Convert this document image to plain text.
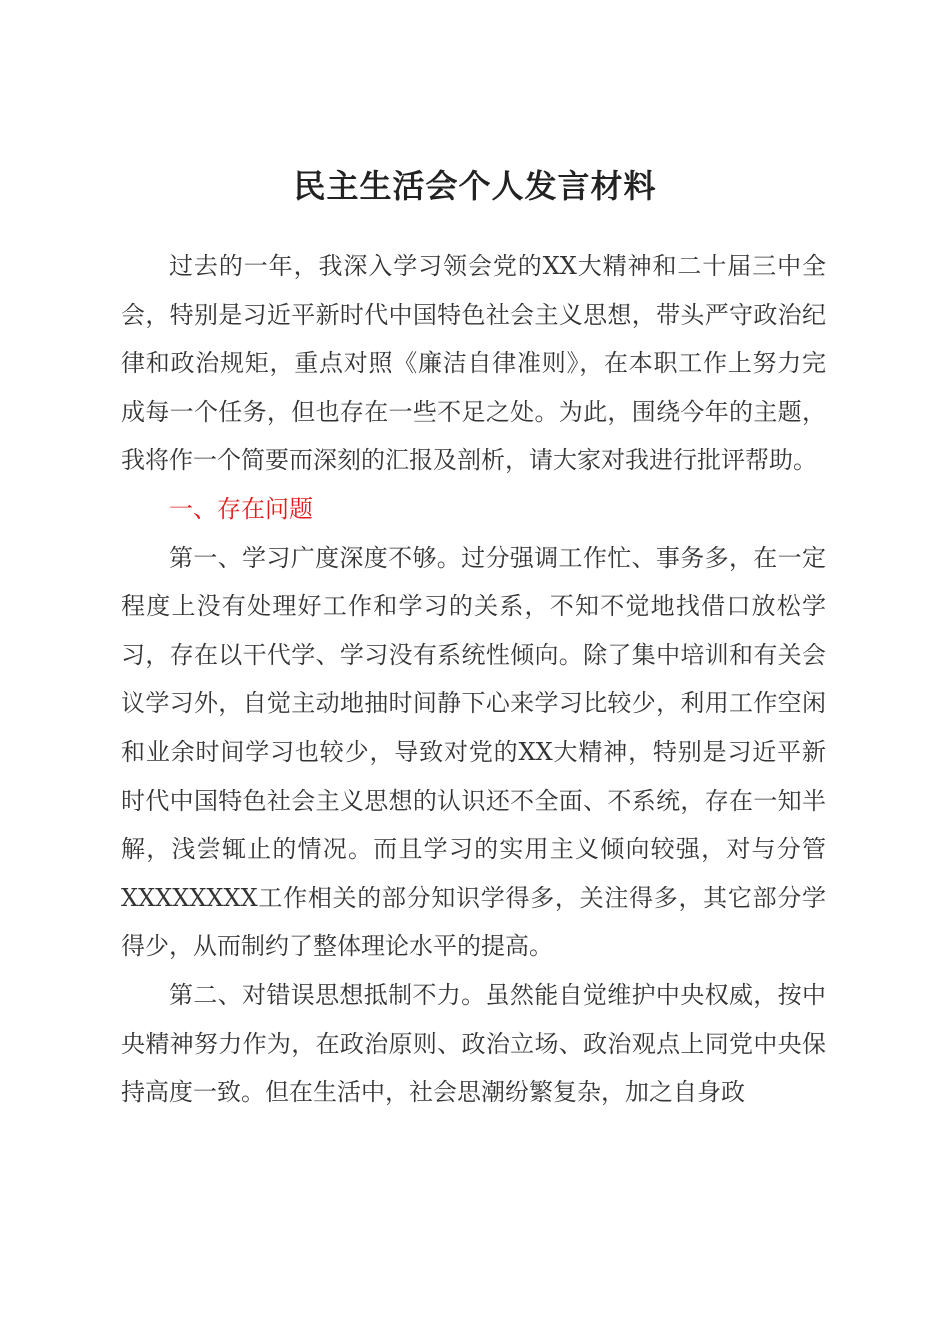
民主生活会个人发言材料

过去的一年，我深入学习领会党的XX大精神和二十届三中全会，特别是习近平新时代中国特色社会主义思想，带头严守政治纪律和政治规矩，重点对照《廉洁自律准则》，在本职工作上努力完成每一个任务，但也存在一些不足之处。为此，围绕今年的主题，我将作一个简要而深刻的汇报及剖析，请大家对我进行批评帮助。

一、存在问题

第一、学习广度深度不够。过分强调工作忙、事务多，在一定程度上没有处理好工作和学习的关系，不知不觉地找借口放松学习，存在以干代学、学习没有系统性倾向。除了集中培训和有关会议学习外，自觉主动地抽时间静下心来学习比较少，利用工作空闲和业余时间学习也较少，导致对党的XX大精神，特别是习近平新时代中国特色社会主义思想的认识还不全面、不系统，存在一知半解，浅尝辄止的情况。而且学习的实用主义倾向较强，对与分管XXXXXXXX工作相关的部分知识学得多，关注得多，其它部分学得少，从而制约了整体理论水平的提高。

第二、对错误思想抵制不力。虽然能自觉维护中央权威，按中央精神努力作为，在政治原则、政治立场、政治观点上同党中央保持高度一致。但在生活中，社会思潮纷繁复杂，加之自身政
